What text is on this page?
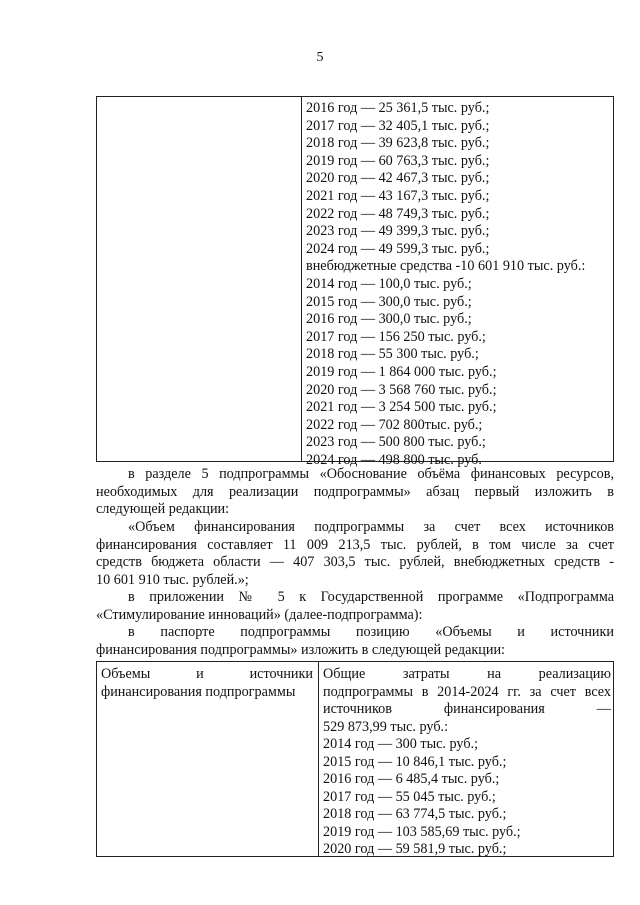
5
2016 год — 25 361,5 тыс. руб.;
2017 год — 32 405,1 тыс. руб.;
2018 год — 39 623,8 тыс. руб.;
2019 год — 60 763,3 тыс. руб.;
2020 год — 42 467,3 тыс. руб.;
2021 год — 43 167,3 тыс. руб.;
2022 год — 48 749,3 тыс. руб.;
2023 год — 49 399,3 тыс. руб.;
2024 год — 49 599,3 тыс. руб.;
внебюджетные средства -10 601 910 тыс. руб.:
2014 год — 100,0 тыс. руб.;
2015 год — 300,0 тыс. руб.;
2016 год — 300,0 тыс. руб.;
2017 год — 156 250 тыс. руб.;
2018 год — 55 300 тыс. руб.;
2019 год — 1 864 000 тыс. руб.;
2020 год — 3 568 760 тыс. руб.;
2021 год — 3 254 500 тыс. руб.;
2022 год — 702 800тыс. руб.;
2023 год — 500 800 тыс. руб.;
2024 год — 498 800 тыс. руб.
в разделе 5 подпрограммы «Обоснование объёма финансовых ресурсов,
необходимых для реализации подпрограммы» абзац первый изложить в
следующей редакции:
«Объем финансирования подпрограммы за счет всех источников
финансирования составляет 11 009 213,5 тыс. рублей, в том числе за счет
средств бюджета области — 407 303,5 тыс. рублей, внебюджетных средств -
10 601 910 тыс. рублей.»;
в приложении № 5 к Государственной программе «Подпрограмма
«Стимулирование инноваций» (далее-подпрограмма):
в паспорте подпрограммы позицию «Объемы и источники
финансирования подпрограммы» изложить в следующей редакции:
Объемы и источники
финансирования подпрограммы
Общие затраты на реализацию
подпрограммы в 2014-2024 гг. за счет всех
источников финансирования —
529 873,99 тыс. руб.:
2014 год — 300 тыс. руб.;
2015 год — 10 846,1 тыс. руб.;
2016 год — 6 485,4 тыс. руб.;
2017 год — 55 045 тыс. руб.;
2018 год — 63 774,5 тыс. руб.;
2019 год — 103 585,69 тыс. руб.;
2020 год — 59 581,9 тыс. руб.;
